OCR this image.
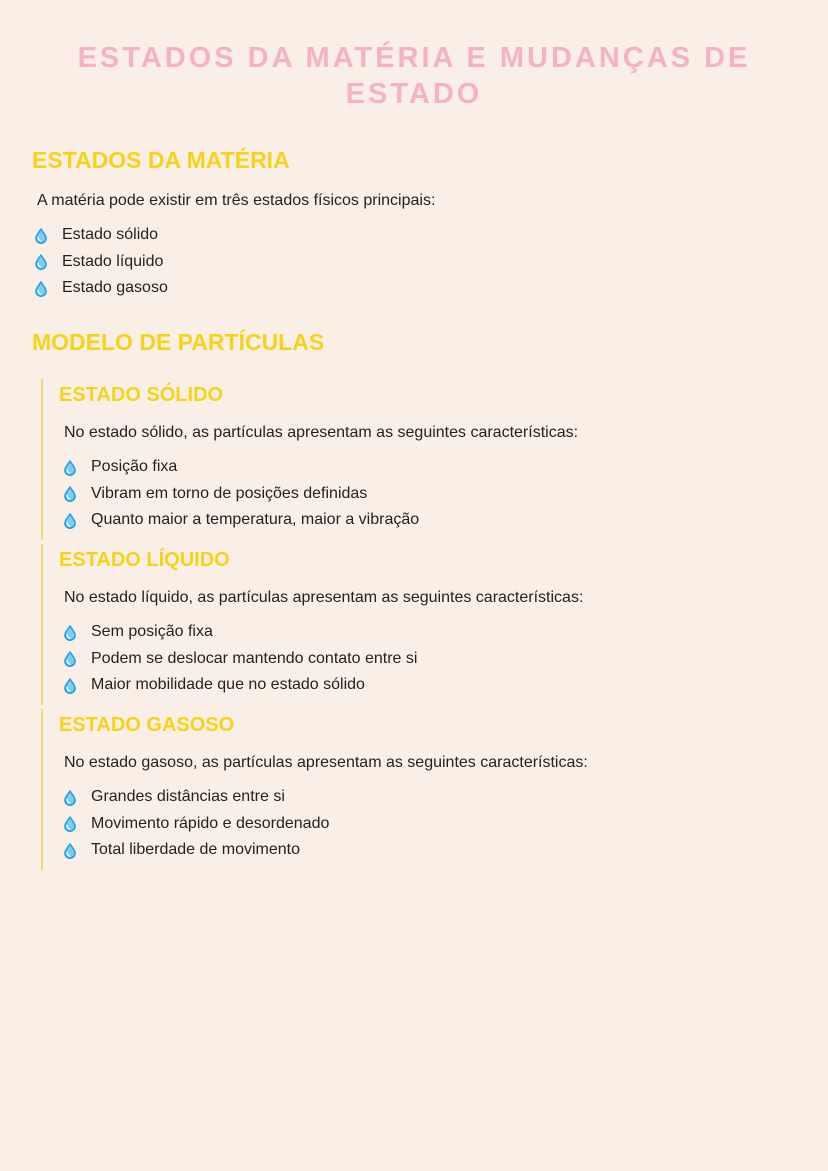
ESTADOS DA MATÉRIA E MUDANÇAS DE ESTADO
ESTADOS DA MATÉRIA

A matéria pode existir em três estados físicos principais:

Estado sólido
Estado líquido
Estado gasoso
MODELO DE PARTÍCULAS
ESTADO SÓLIDO

No estado sólido, as partículas apresentam as seguintes características:

Posição fixa
Vibram em torno de posições definidas
Quanto maior a temperatura, maior a vibração
ESTADO LÍQUIDO

No estado líquido, as partículas apresentam as seguintes características:

Sem posição fixa
Podem se deslocar mantendo contato entre si
Maior mobilidade que no estado sólido
ESTADO GASOSO

No estado gasoso, as partículas apresentam as seguintes características:

Grandes distâncias entre si
Movimento rápido e desordenado
Total liberdade de movimento
